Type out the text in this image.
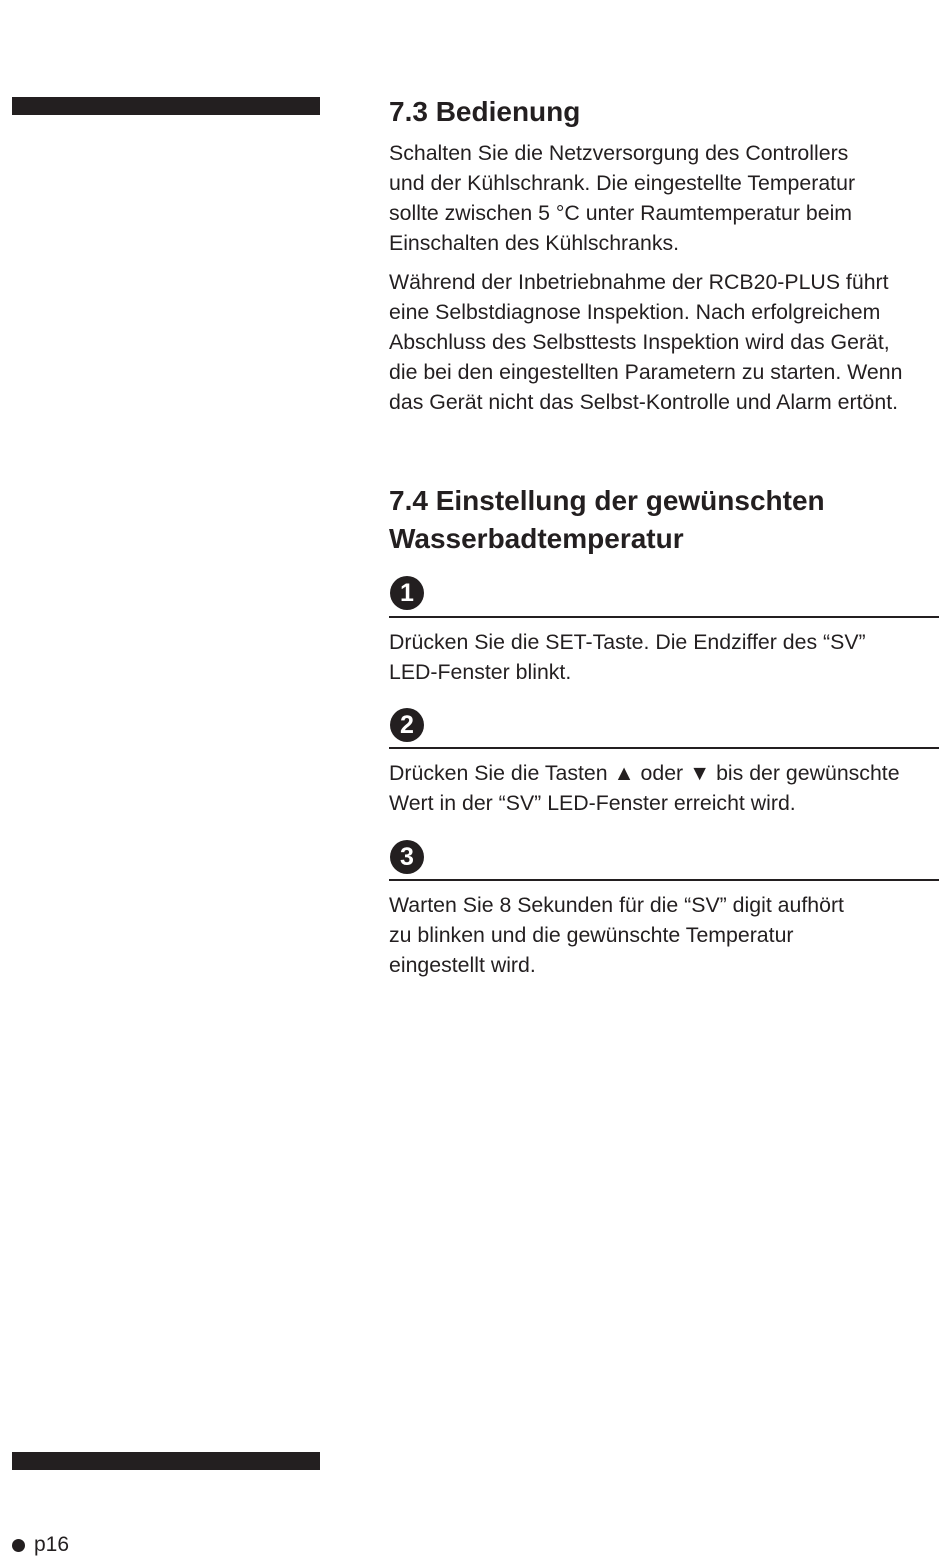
7.3 Bedienung

Schalten Sie die Netzversorgung des Controllers
und der Kühlschrank. Die eingestellte Temperatur
sollte zwischen 5 °C unter Raumtemperatur beim
Einschalten des Kühlschranks.

Während der Inbetriebnahme der RCB20-PLUS führt
eine Selbstdiagnose Inspektion. Nach erfolgreichem
Abschluss des Selbsttests Inspektion wird das Gerät,
die bei den eingestellten Parametern zu starten. Wenn
das Gerät nicht das Selbst-Kontrolle und Alarm ertönt.

7.4 Einstellung der gewünschten
Wasserbadtemperatur
1

Drücken Sie die SET-Taste. Die Endziffer des “SV”
LED-Fenster blinkt.

2

Drücken Sie die Tasten ▲ oder ▼ bis der gewünschte
Wert in der “SV” LED-Fenster erreicht wird.

3

Warten Sie 8 Sekunden für die “SV” digit aufhört
zu blinken und die gewünschte Temperatur
eingestellt wird.

p16
